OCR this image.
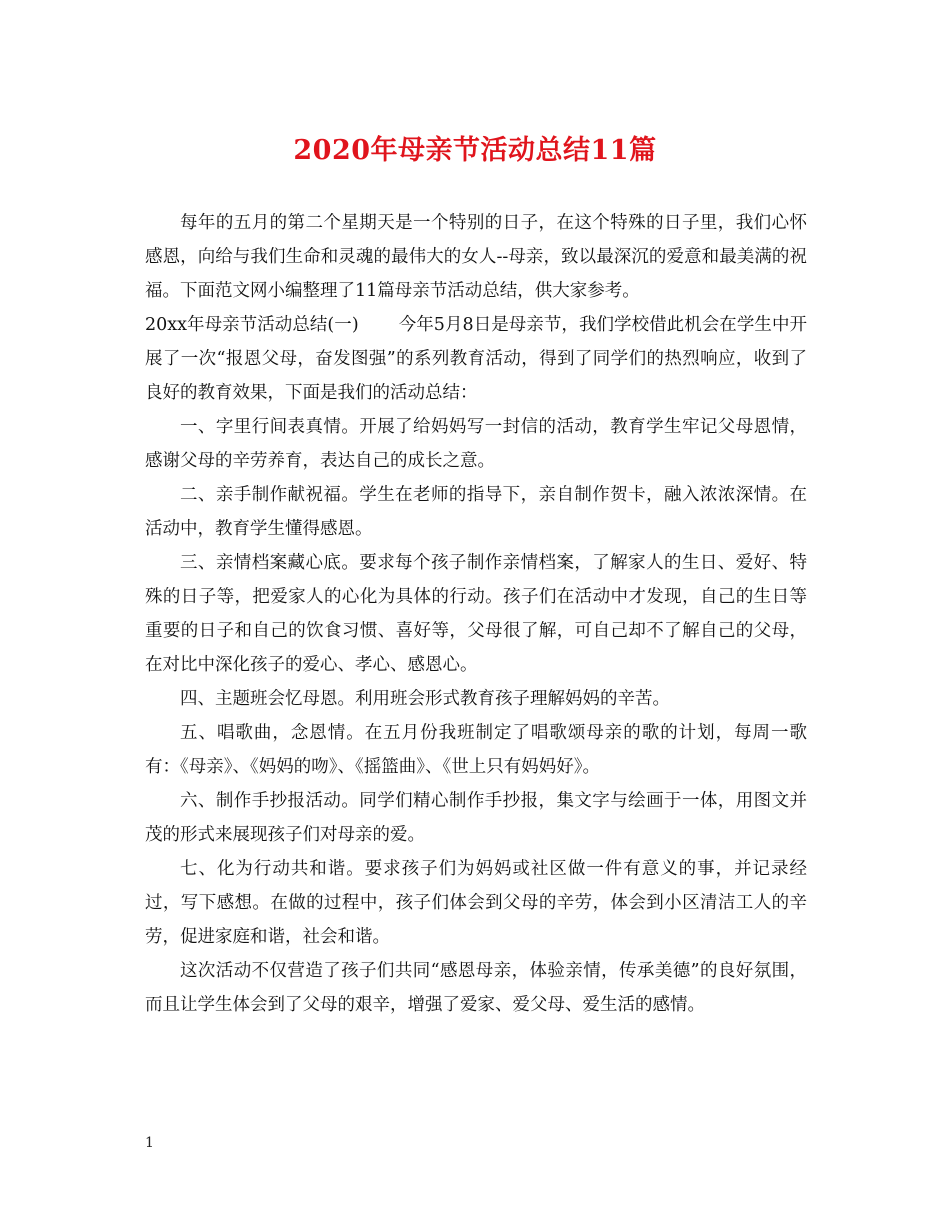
2020年母亲节活动总结11篇

每年的五月的第二个星期天是一个特别的日子，在这个特殊的日子里，我们心怀感恩，向给与我们生命和灵魂的最伟大的女人--母亲，致以最深沉的爱意和最美满的祝福。下面范文网小编整理了11篇母亲节活动总结，供大家参考。

20xx年母亲节活动总结(一) 今年5月8日是母亲节，我们学校借此机会在学生中开展了一次“报恩父母，奋发图强”的系列教育活动，得到了同学们的热烈响应，收到了良好的教育效果，下面是我们的活动总结：

一、字里行间表真情。开展了给妈妈写一封信的活动，教育学生牢记父母恩情，感谢父母的辛劳养育，表达自己的成长之意。

二、亲手制作献祝福。学生在老师的指导下，亲自制作贺卡，融入浓浓深情。在活动中，教育学生懂得感恩。

三、亲情档案藏心底。要求每个孩子制作亲情档案，了解家人的生日、爱好、特殊的日子等，把爱家人的心化为具体的行动。孩子们在活动中才发现，自己的生日等重要的日子和自己的饮食习惯、喜好等，父母很了解，可自己却不了解自己的父母，在对比中深化孩子的爱心、孝心、感恩心。

四、主题班会忆母恩。利用班会形式教育孩子理解妈妈的辛苦。

五、唱歌曲，念恩情。在五月份我班制定了唱歌颂母亲的歌的计划，每周一歌有：《母亲》、《妈妈的吻》、《摇篮曲》、《世上只有妈妈好》。

六、制作手抄报活动。同学们精心制作手抄报，集文字与绘画于一体，用图文并茂的形式来展现孩子们对母亲的爱。

七、化为行动共和谐。要求孩子们为妈妈或社区做一件有意义的事，并记录经过，写下感想。在做的过程中，孩子们体会到父母的辛劳，体会到小区清洁工人的辛劳，促进家庭和谐，社会和谐。

这次活动不仅营造了孩子们共同“感恩母亲，体验亲情，传承美德”的良好氛围，而且让学生体会到了父母的艰辛，增强了爱家、爱父母、爱生活的感情。

1
